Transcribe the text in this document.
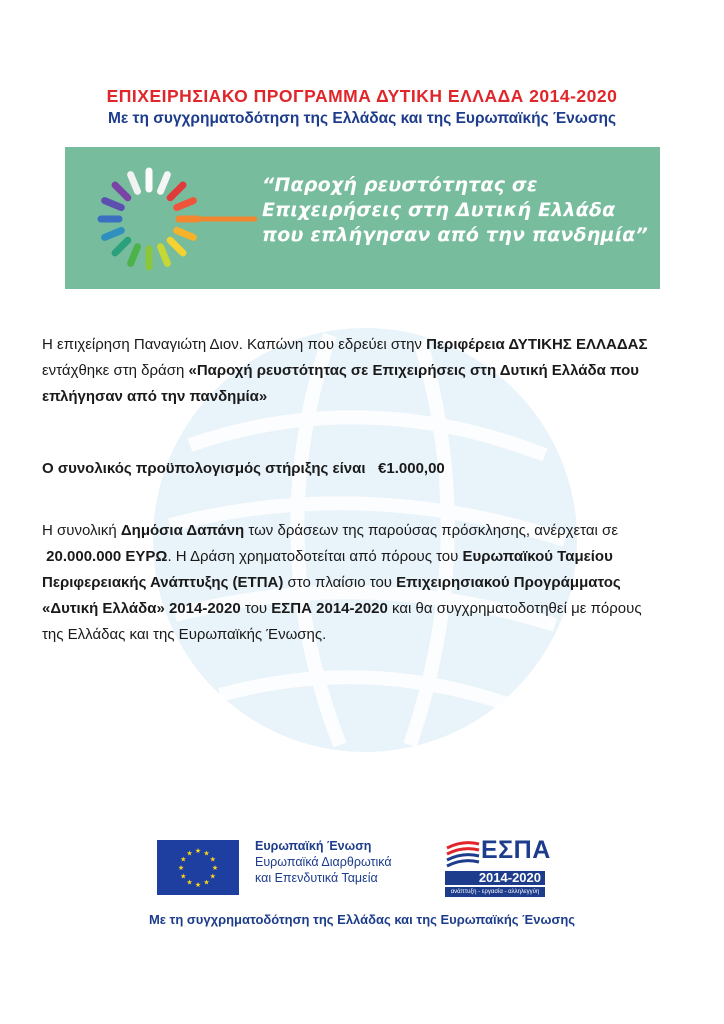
ΕΠΙΧΕΙΡΗΣΙΑΚΟ ΠΡΟΓΡΑΜΜΑ ΔΥΤΙΚΗ ΕΛΛΑΔΑ 2014-2020
Με τη συγχρηματοδότηση της Ελλάδας και της Ευρωπαϊκής Ένωσης
“Παροχή ρευστότητας σε
Επιχειρήσεις στη Δυτική Ελλάδα
που επλήγησαν από την πανδημία”

Η επιχείρηση Παναγιώτη Διον. Καπώνη που εδρεύει στην Περιφέρεια ΔΥΤΙΚΗΣ ΕΛΛΑΔΑΣ εντάχθηκε στη δράση «Παροχή ρευστότητας σε Επιχειρήσεις στη Δυτική Ελλάδα που επλήγησαν από την πανδημία»

Ο συνολικός προϋπολογισμός στήριξης είναι €1.000,00

Η συνολική Δημόσια Δαπάνη των δράσεων της παρούσας πρόσκλησης, ανέρχεται σε  20.000.000 ΕΥΡΩ. Η Δράση χρηματοδοτείται από πόρους του Ευρωπαϊκού Ταμείου Περιφερειακής Ανάπτυξης (ΕΤΠΑ) στο πλαίσιο του Επιχειρησιακού Προγράμματος «Δυτική Ελλάδα» 2014-2020 του ΕΣΠΑ 2014-2020 και θα συγχρηματοδοτηθεί με πόρους της Ελλάδας και της Ευρωπαϊκής Ένωσης.

★
★
★
★
★
★
★
★
★ ★ ★
★
Ευρωπαϊκή Ένωση
Ευρωπαϊκά Διαρθρωτικά
και Επενδυτικά Ταμεία
ΕΣΠΑ
2014-2020
ανάπτυξη - εργασία - αλληλεγγύη
Με τη συγχρηματοδότηση της Ελλάδας και της Ευρωπαϊκής Ένωσης
